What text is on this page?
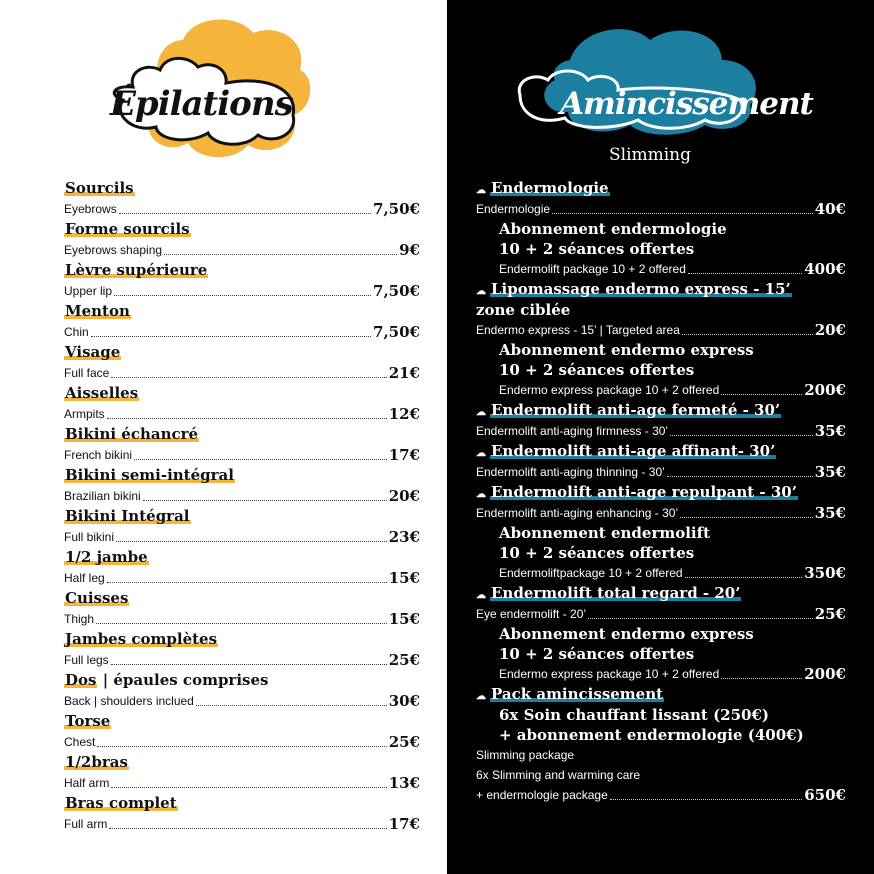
Épilations	Amincissement
Slimming
Sourcils
Eyebrows	7,50€
Forme sourcils
Eyebrows shaping	9€
Lèvre supérieure
Upper lip	7,50€
Menton
Chin	7,50€
Visage
Full face	21€
Aisselles
Armpits	12€
Bikini échancré
French bikini	17€
Bikini semi-intégral
Brazilian bikini	20€
Bikini Intégral
Full bikini	23€
1/2 jambe
Half leg	15€
Cuisses
Thigh	15€
Jambes complètes
Full legs	25€
Dos | épaules comprises
Back | shoulders inclued	30€
Torse
Chest	25€
1/2bras
Half arm	13€
Bras complet
Full arm	17€
☁ Endermologie
Endermologie	40€
Abonnement endermologie
10 + 2 séances offertes
Endermolift package 10 + 2 offered	400€
☁ Lipomassage endermo express - 15’
zone ciblée
Endermo express - 15’ | Targeted area	20€
Abonnement endermo express
10 + 2 séances offertes
Endermo express package 10 + 2 offered	200€
☁ Endermolift anti-age fermeté - 30’
Endermolift anti-aging firmness - 30’	35€
☁ Endermolift anti-age affinant- 30’
Endermolift anti-aging thinning - 30’	35€
☁ Endermolift anti-age repulpant - 30’
Endermolift anti-aging enhancing - 30’	35€
Abonnement endermolift
10 + 2 séances offertes
Endermoliftpackage 10 + 2 offered	350€
☁ Endermolift total regard - 20’
Eye endermolift - 20’	25€
Abonnement endermo express
10 + 2 séances offertes
Endermo express package 10 + 2 offered	200€
☁ Pack amincissement
6x Soin chauffant lissant (250€)
+ abonnement endermologie (400€)
Slimming package
6x Slimming and warming care
+ endermologie package	650€
